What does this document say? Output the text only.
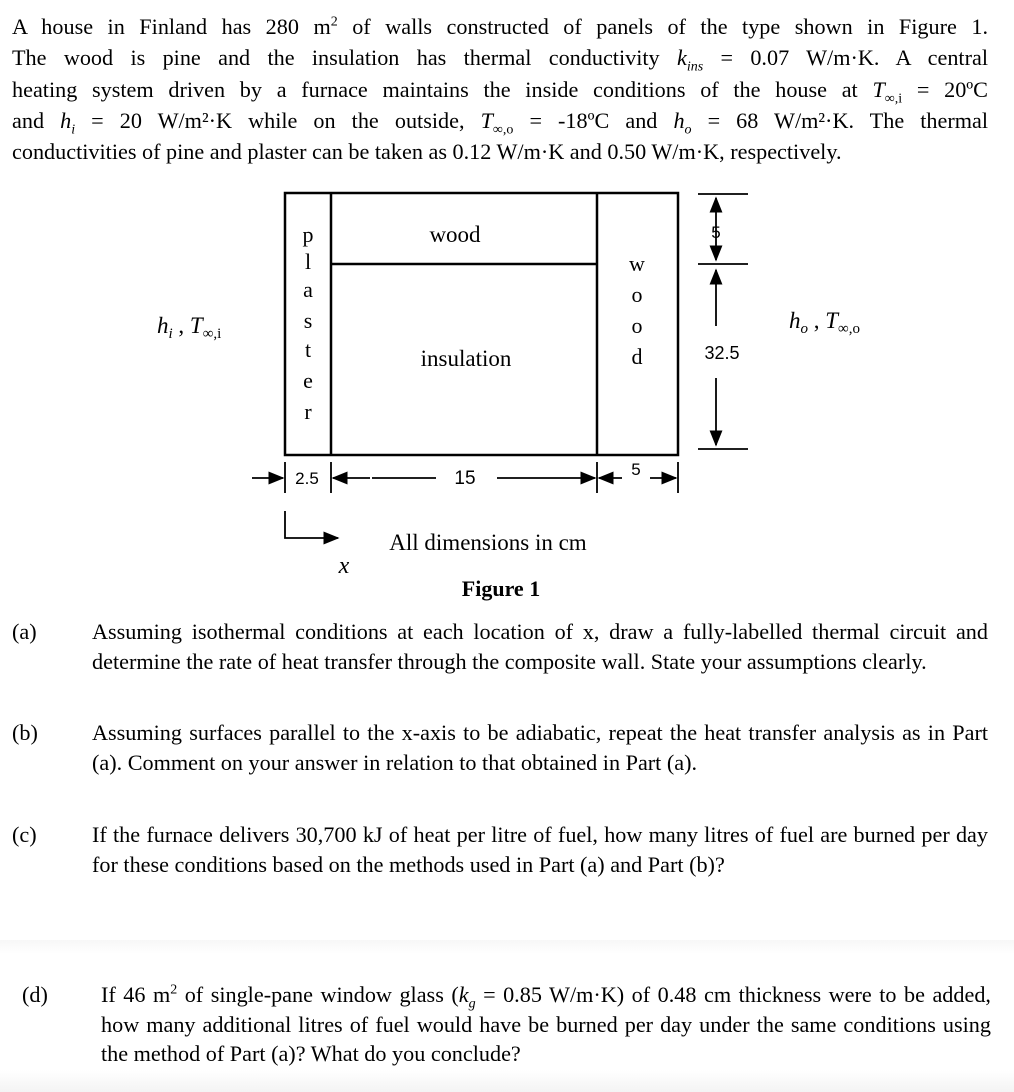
A house in Finland has 280 $m^2$ of walls constructed of panels of the type shown in Figure 1.
The wood is pine and the insulation has thermal conductivity $k_{ins} = 0.07$ W/m·K. A central
heating system driven by a furnace maintains the inside conditions of the house at $T_{\infty,i}$ = 20ºC
and $h_i = 20$ W/m²·K while on the outside, $T_{\infty,o}$ = -18ºC and $h_o = 68$ W/m²·K. The thermal
conductivities of pine and plaster can be taken as 0.12 W/m·K and 0.50 W/m·K, respectively.
p
l
a
s
t
e
r
w
o
o
d
wood
insulation
$h_i$ , $T_{\infty,i}$
$h_o$ , $T_{\infty,o}$
5
32.5
2.5	15	5
x
All dimensions in cm
Figure 1
(a) Assuming isothermal conditions at each location of x, draw a fully-labelled thermal circuit and determine the rate of heat transfer through the composite wall. State your assumptions clearly.
(b) Assuming surfaces parallel to the x-axis to be adiabatic, repeat the heat transfer analysis as in Part (a). Comment on your answer in relation to that obtained in Part (a).
(c) If the furnace delivers 30,700 kJ of heat per litre of fuel, how many litres of fuel are burned per day for these conditions based on the methods used in Part (a) and Part (b)?
(d) If 46 $m^2$ of single-pane window glass ($k_g = 0.85$ W/m·K) of 0.48 cm thickness were to be added, how many additional litres of fuel would have be burned per day under the same conditions using the method of Part (a)? What do you conclude?
